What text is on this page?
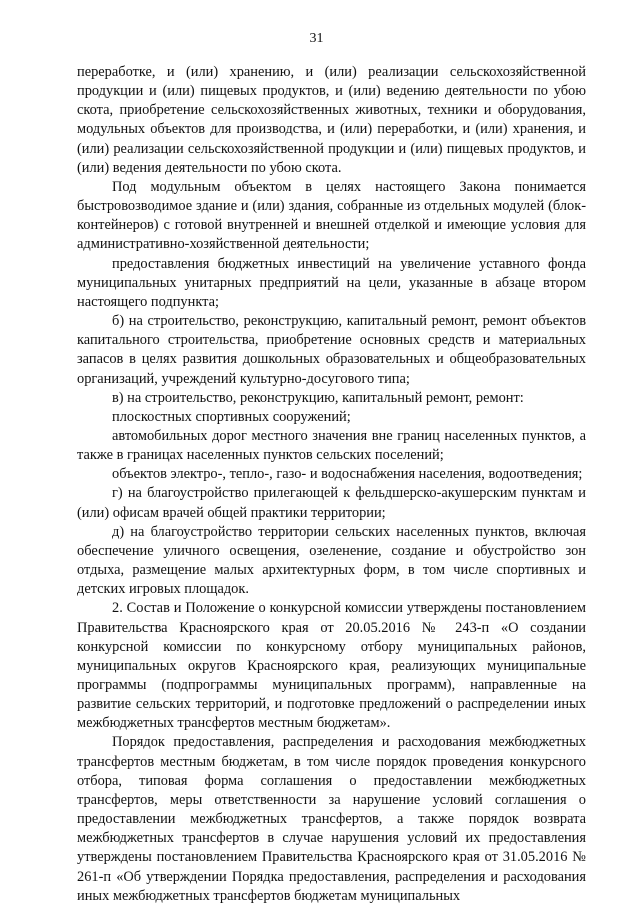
31

переработке, и (или) хранению, и (или) реализации сельскохозяйственной продукции и (или) пищевых продуктов, и (или) ведению деятельности по убою скота, приобретение сельскохозяйственных животных, техники и оборудования, модульных объектов для производства, и (или) переработки, и (или) хранения, и (или) реализации сельскохозяйственной продукции и (или) пищевых продуктов, и (или) ведения деятельности по убою скота.

Под модульным объектом в целях настоящего Закона понимается быстровозводимое здание и (или) здания, собранные из отдельных модулей (блок-контейнеров) с готовой внутренней и внешней отделкой и имеющие условия для административно-хозяйственной деятельности;

предоставления бюджетных инвестиций на увеличение уставного фонда муниципальных унитарных предприятий на цели, указанные в абзаце втором настоящего подпункта;

б) на строительство, реконструкцию, капитальный ремонт, ремонт объектов капитального строительства, приобретение основных средств и материальных запасов в целях развития дошкольных образовательных и общеобразовательных организаций, учреждений культурно-досугового типа;

в) на строительство, реконструкцию, капитальный ремонт, ремонт:

плоскостных спортивных сооружений;

автомобильных дорог местного значения вне границ населенных пунктов, а также в границах населенных пунктов сельских поселений;

объектов электро-, тепло-, газо- и водоснабжения населения, водоотведения;

г) на благоустройство прилегающей к фельдшерско-акушерским пунктам и (или) офисам врачей общей практики территории;

д) на благоустройство территории сельских населенных пунктов, включая обеспечение уличного освещения, озеленение, создание и обустройство зон отдыха, размещение малых архитектурных форм, в том числе спортивных и детских игровых площадок.

2. Состав и Положение о конкурсной комиссии утверждены постановлением Правительства Красноярского края от 20.05.2016 № 243-п «О создании конкурсной комиссии по конкурсному отбору муниципальных районов, муниципальных округов Красноярского края, реализующих муниципальные программы (подпрограммы муниципальных программ), направленные на развитие сельских территорий, и подготовке предложений о распределении иных межбюджетных трансфертов местным бюджетам».

Порядок предоставления, распределения и расходования межбюджетных трансфертов местным бюджетам, в том числе порядок проведения конкурсного отбора, типовая форма соглашения о предоставлении межбюджетных трансфертов, меры ответственности за нарушение условий соглашения о предоставлении межбюджетных трансфертов, а также порядок возврата межбюджетных трансфертов в случае нарушения условий их предоставления утверждены постановлением Правительства Красноярского края от 31.05.2016 № 261-п «Об утверждении Порядка предоставления, распределения и расходования иных межбюджетных трансфертов бюджетам муниципальных
